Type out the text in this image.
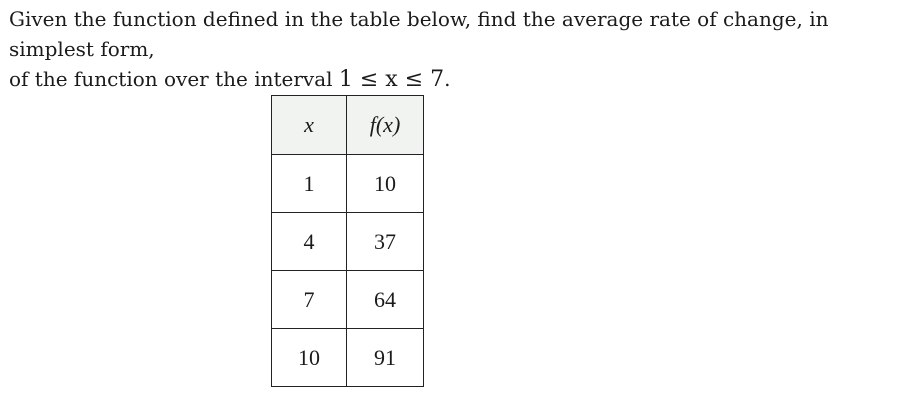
Given the function defined in the table below, find the average rate of change, in simplest form,
of the function over the interval 1 ≤ x ≤ 7.

x	f(x)
1	10
4	37
7	64
10	91
